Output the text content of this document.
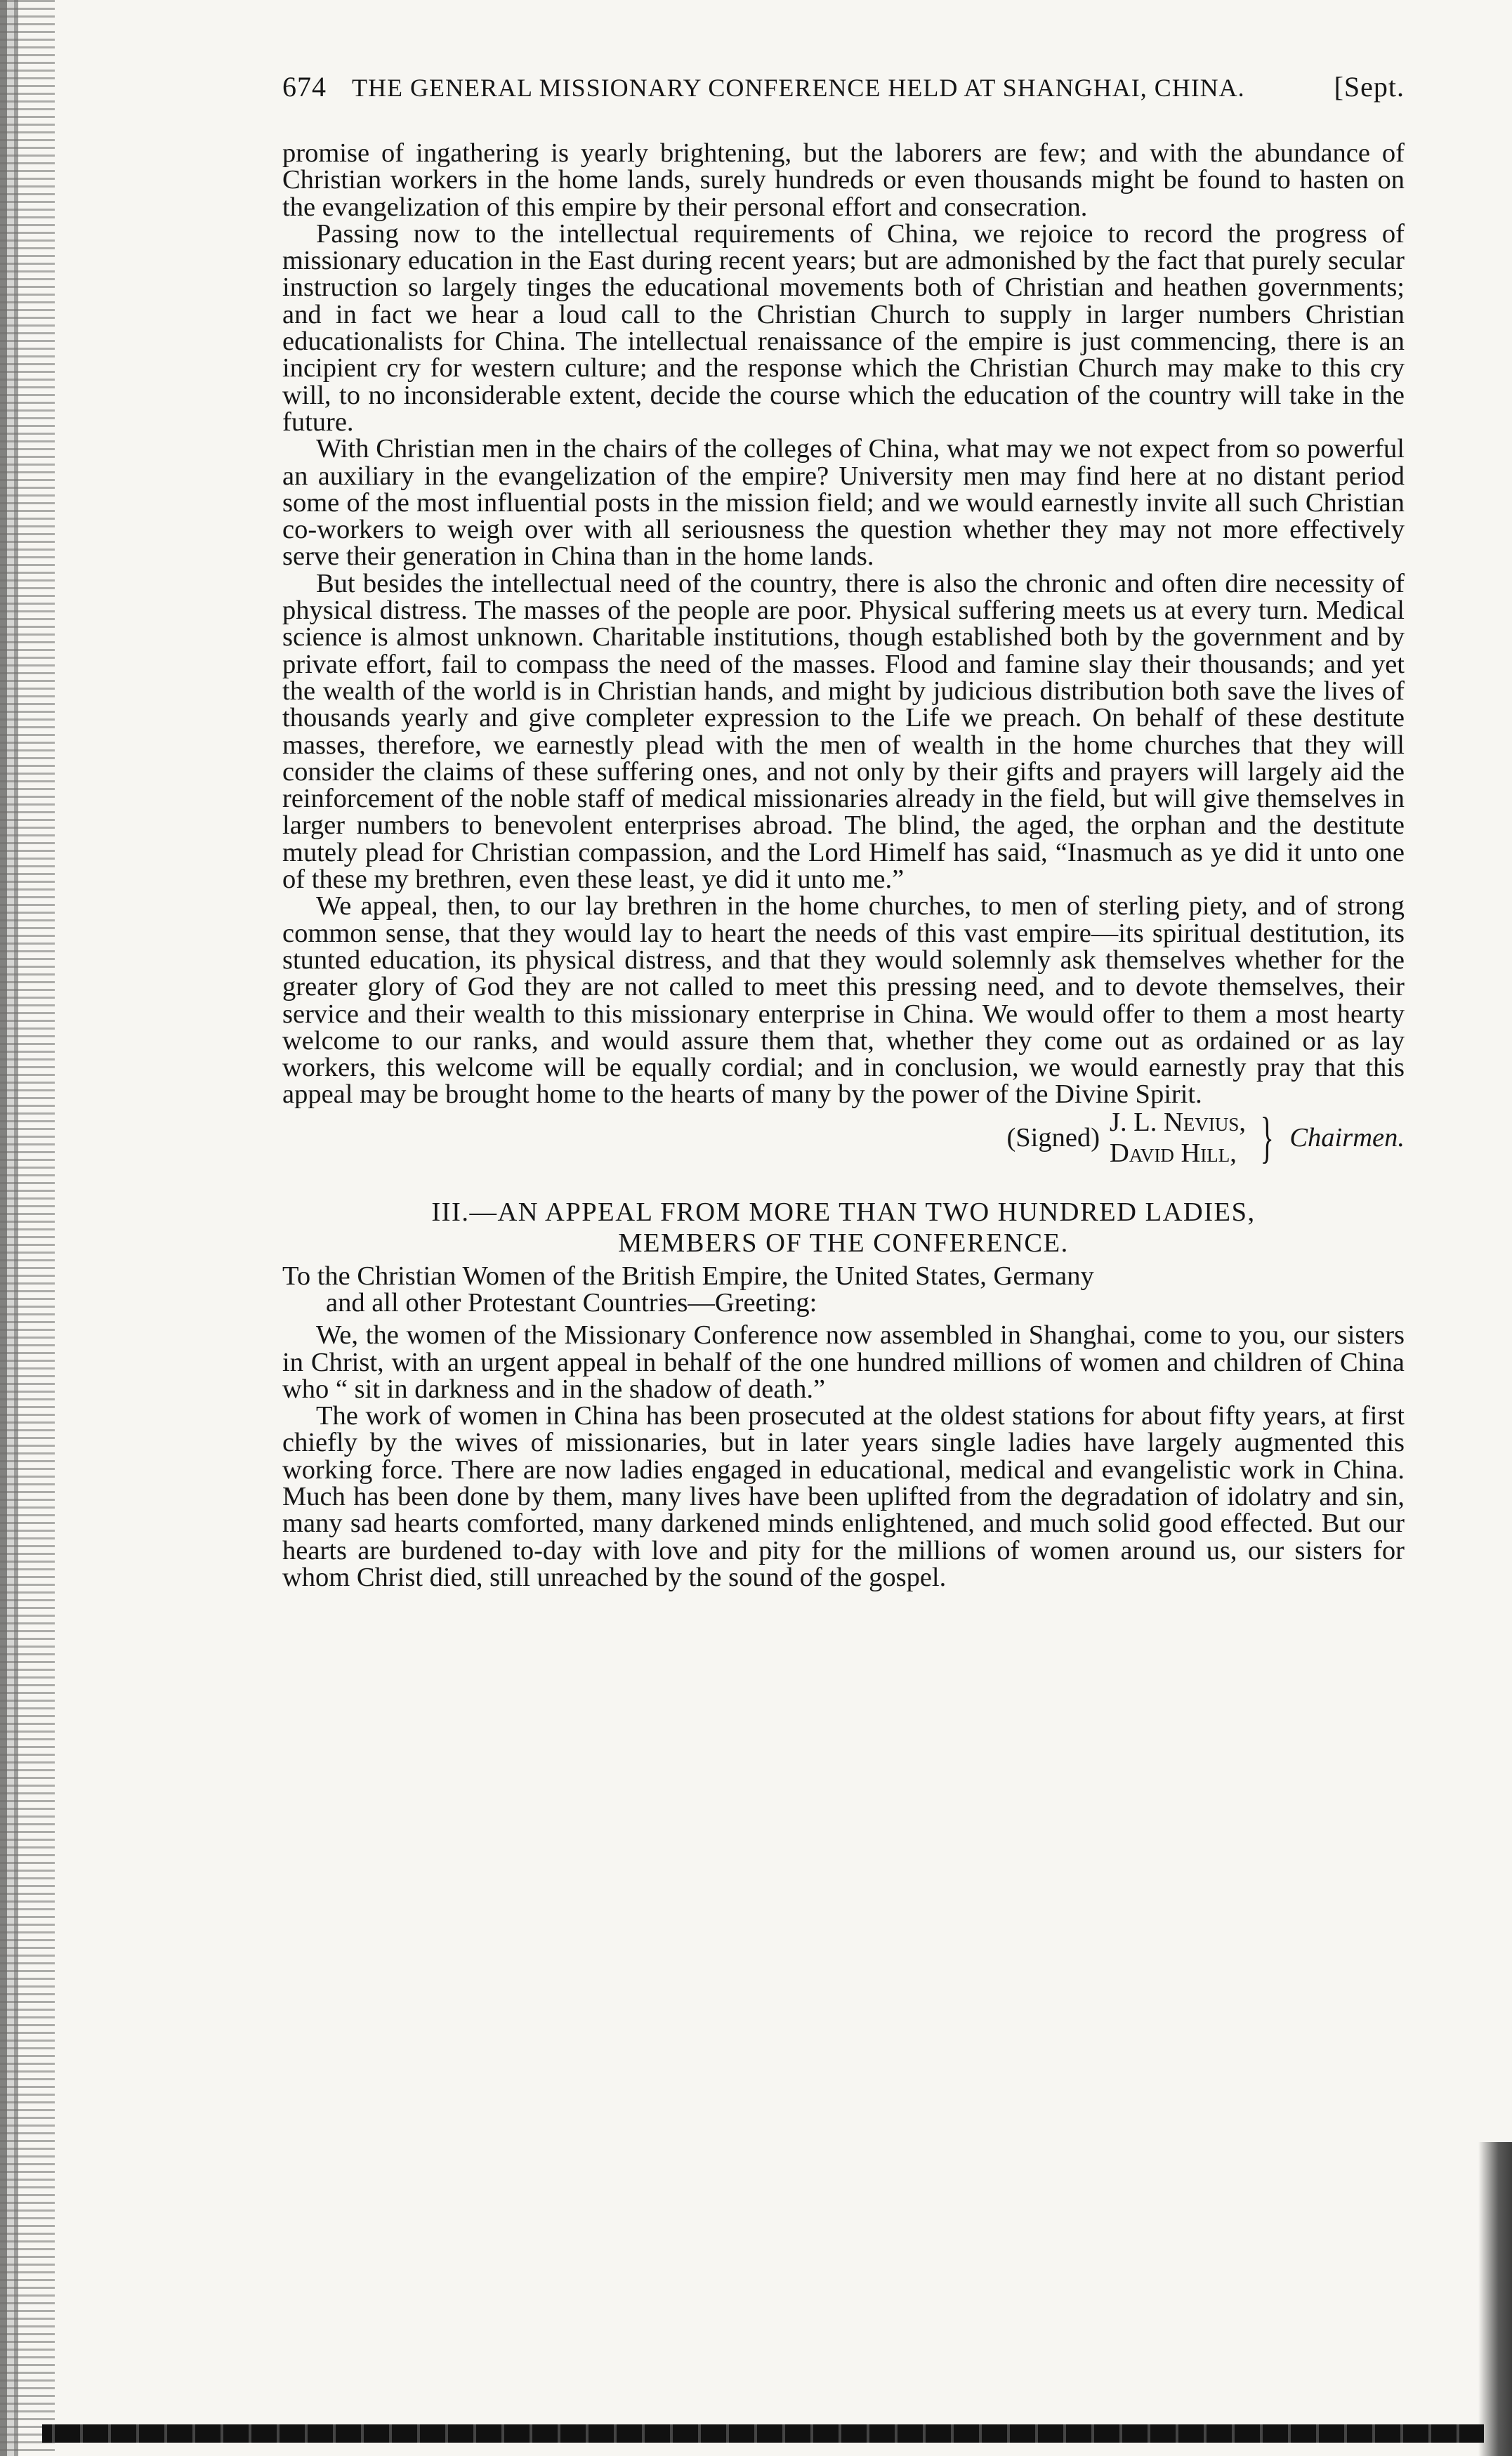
674 THE GENERAL MISSIONARY CONFERENCE HELD AT SHANGHAI, CHINA.	[Sept.

promise of ingathering is yearly brightening, but the laborers are few; and with the abundance of Christian workers in the home lands, surely hundreds or even thousands might be found to hasten on the evangelization of this empire by their personal effort and consecration.

Passing now to the intellectual requirements of China, we rejoice to record the progress of missionary education in the East during recent years; but are admonished by the fact that purely secular instruction so largely tinges the educational movements both of Christian and heathen governments; and in fact we hear a loud call to the Christian Church to supply in larger numbers Christian educationalists for China. The intellectual renaissance of the empire is just commencing, there is an incipient cry for western culture; and the response which the Christian Church may make to this cry will, to no inconsiderable extent, decide the course which the education of the country will take in the future.

With Christian men in the chairs of the colleges of China, what may we not expect from so powerful an auxiliary in the evangelization of the empire? University men may find here at no distant period some of the most influential posts in the mission field; and we would earnestly invite all such Christian co-workers to weigh over with all seriousness the question whether they may not more effectively serve their generation in China than in the home lands.

But besides the intellectual need of the country, there is also the chronic and often dire necessity of physical distress. The masses of the people are poor. Physical suffering meets us at every turn. Medical science is almost unknown. Charitable institutions, though established both by the government and by private effort, fail to compass the need of the masses. Flood and famine slay their thousands; and yet the wealth of the world is in Christian hands, and might by judicious distribution both save the lives of thousands yearly and give completer expression to the Life we preach. On behalf of these destitute masses, therefore, we earnestly plead with the men of wealth in the home churches that they will consider the claims of these suffering ones, and not only by their gifts and prayers will largely aid the reinforcement of the noble staff of medical missionaries already in the field, but will give themselves in larger numbers to benevolent enterprises abroad. The blind, the aged, the orphan and the destitute mutely plead for Christian compassion, and the Lord Himelf has said, “Inasmuch as ye did it unto one of these my brethren, even these least, ye did it unto me.”

We appeal, then, to our lay brethren in the home churches, to men of sterling piety, and of strong common sense, that they would lay to heart the needs of this vast empire—its spiritual destitution, its stunted education, its physical distress, and that they would solemnly ask themselves whether for the greater glory of God they are not called to meet this pressing need, and to devote themselves, their service and their wealth to this missionary enterprise in China. We would offer to them a most hearty welcome to our ranks, and would assure them that, whether they come out as ordained or as lay workers, this welcome will be equally cordial; and in conclusion, we would earnestly pray that this appeal may be brought home to the hearts of many by the power of the Divine Spirit.

(Signed)
J. L. Nevius,
David Hill, } Chairmen.
III.—AN APPEAL FROM MORE THAN TWO HUNDRED LADIES,
MEMBERS OF THE CONFERENCE.
To the Christian Women of the British Empire, the United States, Germany
and all other Protestant Countries—Greeting:

We, the women of the Missionary Conference now assembled in Shanghai, come to you, our sisters in Christ, with an urgent appeal in behalf of the one hundred millions of women and children of China who “ sit in darkness and in the shadow of death.”

The work of women in China has been prosecuted at the oldest stations for about fifty years, at first chiefly by the wives of missionaries, but in later years single ladies have largely augmented this working force. There are now ladies engaged in educational, medical and evangelistic work in China. Much has been done by them, many lives have been uplifted from the degradation of idolatry and sin, many sad hearts comforted, many darkened minds enlightened, and much solid good effected. But our hearts are burdened to-day with love and pity for the millions of women around us, our sisters for whom Christ died, still unreached by the sound of the gospel.
